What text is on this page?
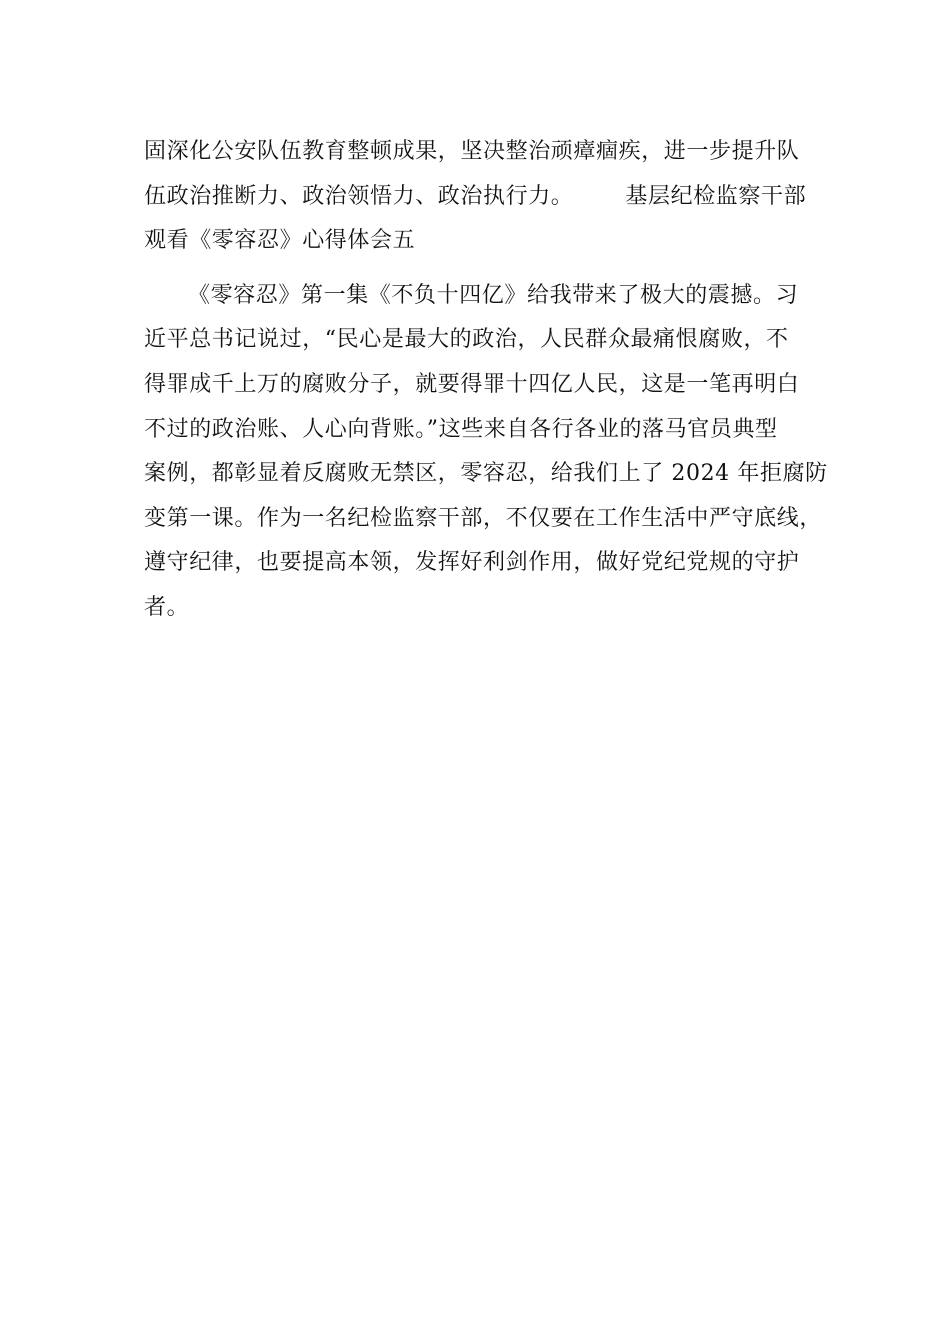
固深化公安队伍教育整顿成果，坚决整治顽瘴痼疾，进一步提升队
伍政治推断力、政治领悟力、政治执行力。 基层纪检监察干部
观看《零容忍》心得体会五
《零容忍》第一集《不负十四亿》给我带来了极大的震撼。习
近平总书记说过，“民心是最大的政治，人民群众最痛恨腐败，不
得罪成千上万的腐败分子，就要得罪十四亿人民，这是一笔再明白
不过的政治账、人心向背账。”这些来自各行各业的落马官员典型
案例，都彰显着反腐败无禁区，零容忍，给我们上了 2024 年拒腐防
变第一课。作为一名纪检监察干部，不仅要在工作生活中严守底线，
遵守纪律，也要提高本领，发挥好利剑作用，做好党纪党规的守护
者。
